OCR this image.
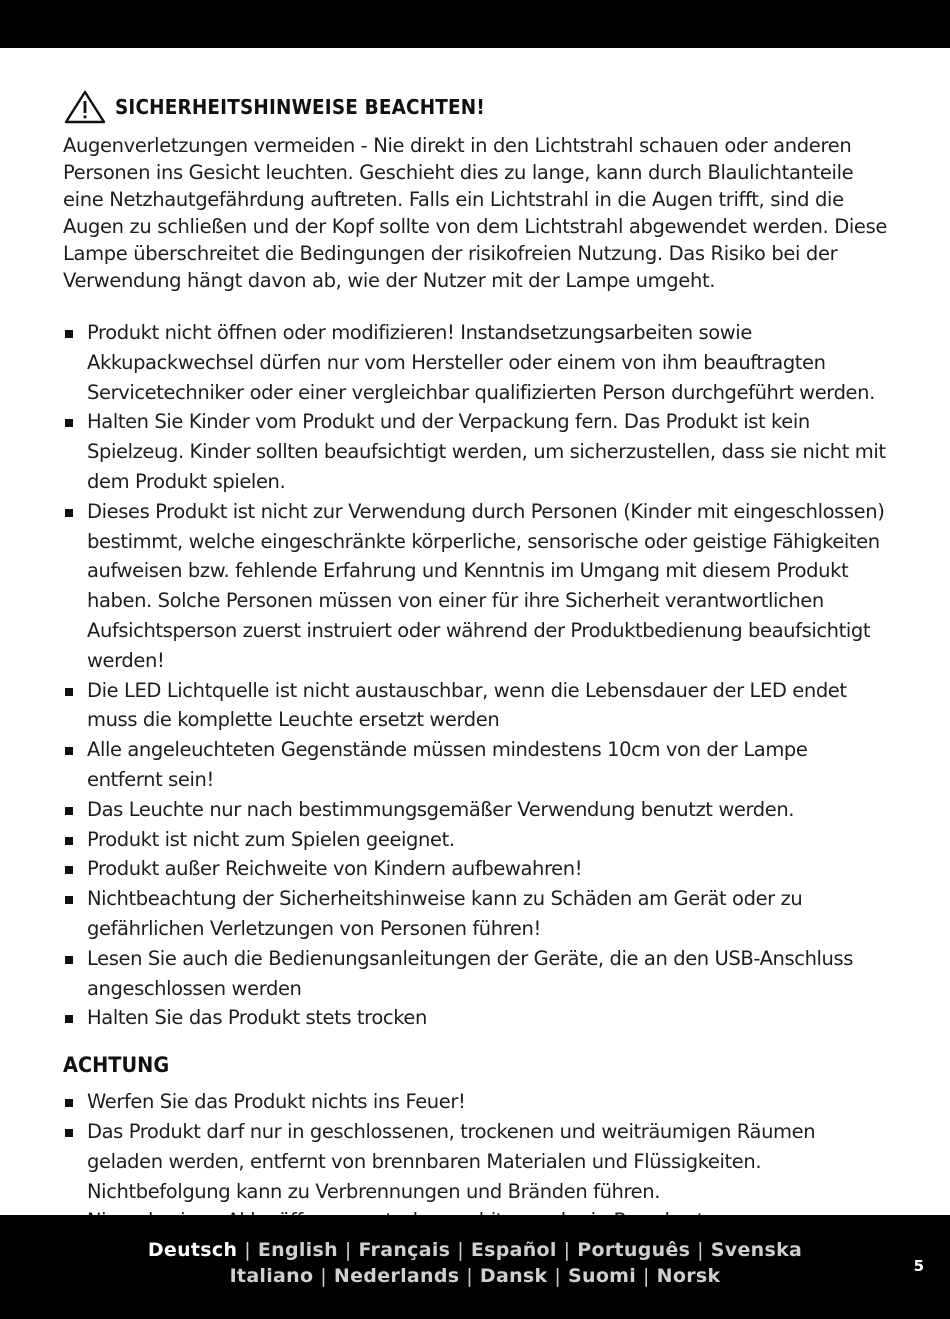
SICHERHEITSHINWEISE BEACHTEN!

Augenverletzungen vermeiden - Nie direkt in den Lichtstrahl schauen oder anderen Personen ins Gesicht leuchten. Geschieht dies zu lange, kann durch Blaulichtanteile eine Netzhautgefährdung auftreten. Falls ein Lichtstrahl in die Augen trifft, sind die Augen zu schließen und der Kopf sollte von dem Lichtstrahl abgewendet werden. Diese Lampe überschreitet die Bedingungen der risikofreien Nutzung. Das Risiko bei der Verwendung hängt davon ab, wie der Nutzer mit der Lampe umgeht.

Produkt nicht öffnen oder modifizieren! Instandsetzungsarbeiten sowie Akkupackwechsel dürfen nur vom Hersteller oder einem von ihm beauftragten Servicetechniker oder einer vergleichbar qualifizierten Person durchgeführt werden.
Halten Sie Kinder vom Produkt und der Verpackung fern. Das Produkt ist kein Spielzeug. Kinder sollten beaufsichtigt werden, um sicherzustellen, dass sie nicht mit dem Produkt spielen.
Dieses Produkt ist nicht zur Verwendung durch Personen (Kinder mit eingeschlossen) bestimmt, welche eingeschränkte körperliche, sensorische oder geistige Fähigkeiten aufweisen bzw. fehlende Erfahrung und Kenntnis im Umgang mit diesem Produkt haben. Solche Personen müssen von einer für ihre Sicherheit verantwortlichen Aufsichtsperson zuerst instruiert oder während der Produktbedienung beaufsichtigt werden!
Die LED Lichtquelle ist nicht austauschbar, wenn die Lebensdauer der LED endet muss die komplette Leuchte ersetzt werden
Alle angeleuchteten Gegenstände müssen mindestens 10cm von der Lampe entfernt sein!
Das Leuchte nur nach bestimmungsgemäßer Verwendung benutzt werden.
Produkt ist nicht zum Spielen geeignet.
Produkt außer Reichweite von Kindern aufbewahren!
Nichtbeachtung der Sicherheitshinweise kann zu Schäden am Gerät oder zu gefährlichen Verletzungen von Personen führen!
Lesen Sie auch die Bedienungsanleitungen der Geräte, die an den USB-Anschluss angeschlossen werden
Halten Sie das Produkt stets trocken
ACHTUNG
Werfen Sie das Produkt nichts ins Feuer!
Das Produkt darf nur in geschlossenen, trockenen und weiträumigen Räumen geladen werden, entfernt von brennbaren Materialen und Flüssigkeiten. Nichtbefolgung kann zu Verbrennungen und Bränden führen.
Deutsch | English | Français | Español | Português | Svenska
Italiano | Nederlands | Dansk | Suomi | Norsk	5
